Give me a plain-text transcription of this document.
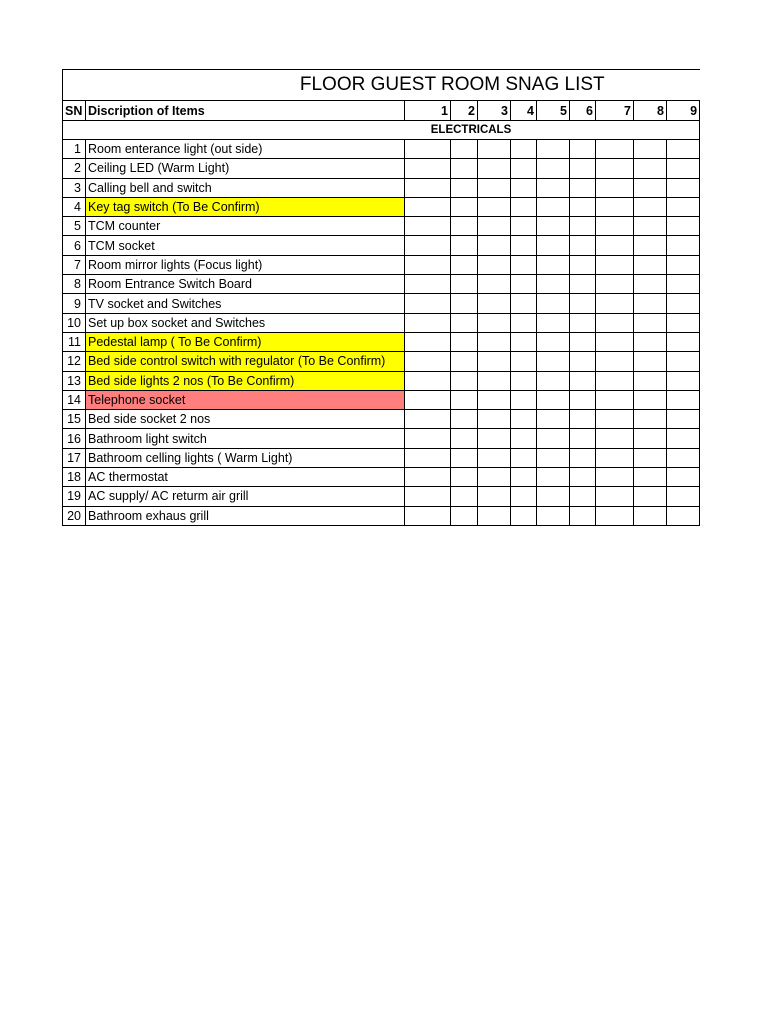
FLOOR GUEST ROOM SNAG LIST										
SN	Discription of Items	1	2	3	4	5	6	7	8	9
ELECTRICALS										
1	Room enterance light (out side)									
2	Ceiling LED (Warm Light)									
3	Calling bell and switch									
4	Key tag switch (To Be Confirm)									
5	TCM counter									
6	TCM socket									
7	Room mirror lights (Focus light)									
8	Room Entrance Switch Board									
9	TV socket and Switches									
10	Set up box socket and Switches									
11	Pedestal lamp ( To Be Confirm)									
12	Bed side control switch with regulator (To Be Confirm)									
13	Bed side lights 2 nos (To Be Confirm)									
14	Telephone socket									
15	Bed side socket 2 nos									
16	Bathroom light switch									
17	Bathroom celling lights ( Warm Light)									
18	AC thermostat									
19	AC supply/ AC returm air grill									
20	Bathroom exhaus grill									
